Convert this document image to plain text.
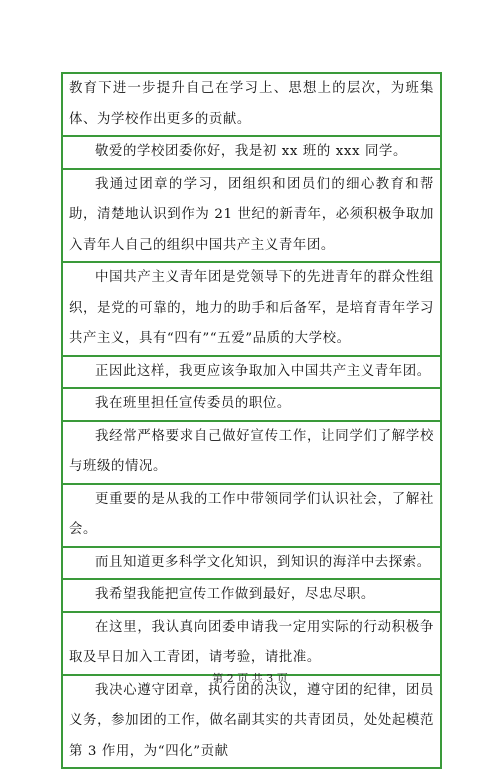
教育下进一步提升自己在学习上、思想上的层次，为班集体、为学校作出更多的贡献。

敬爱的学校团委你好，我是初 xx 班的 xxx 同学。

我通过团章的学习，团组织和团员们的细心教育和帮助，清楚地认识到作为 21 世纪的新青年，必须积极争取加入青年人自己的组织中国共产主义青年团。

中国共产主义青年团是党领导下的先进青年的群众性组织，是党的可靠的，地力的助手和后备军，是培育青年学习共产主义，具有“四有”“五爱”品质的大学校。

正因此这样，我更应该争取加入中国共产主义青年团。

我在班里担任宣传委员的职位。

我经常严格要求自己做好宣传工作，让同学们了解学校与班级的情况。

更重要的是从我的工作中带领同学们认识社会，了解社会。

而且知道更多科学文化知识，到知识的海洋中去探索。

我希望我能把宣传工作做到最好，尽忠尽职。

在这里，我认真向团委申请我一定用实际的行动积极争取及早日加入工青团，请考验，请批准。

我决心遵守团章，执行团的决议，遵守团的纪律，团员义务，参加团的工作，做名副其实的共青团员，处处起模范第 3 作用，为“四化”贡献

第 2 页 共 3 页
